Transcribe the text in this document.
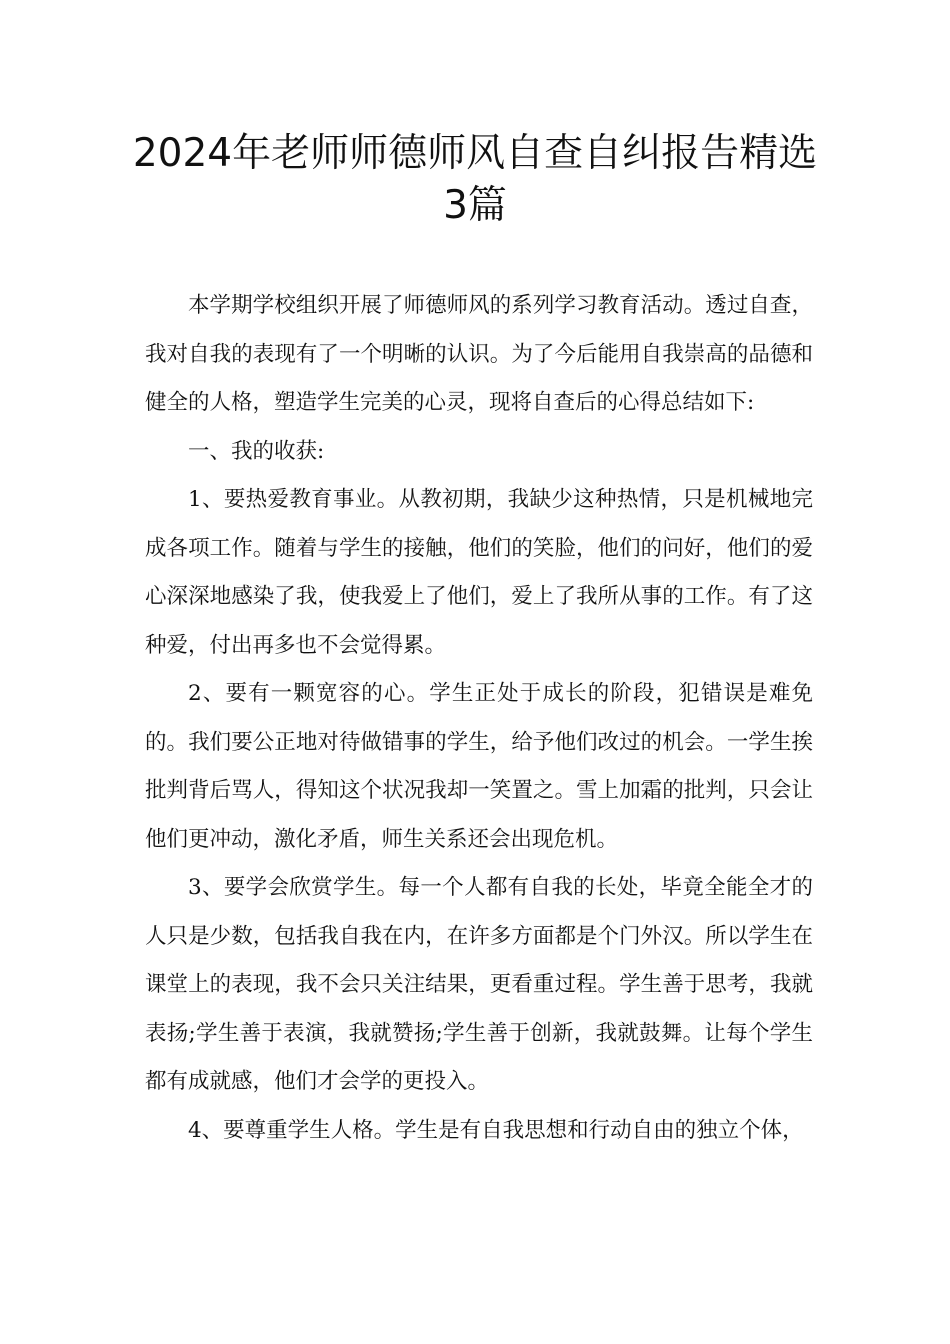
2024年老师师德师风自查自纠报告精选
3篇

本学期学校组织开展了师德师风的系列学习教育活动。透过自查，我对自我的表现有了一个明晰的认识。为了今后能用自我崇高的品德和健全的人格，塑造学生完美的心灵，现将自查后的心得总结如下:

一、我的收获:

1、要热爱教育事业。从教初期，我缺少这种热情，只是机械地完成各项工作。随着与学生的接触，他们的笑脸，他们的问好，他们的爱心深深地感染了我，使我爱上了他们，爱上了我所从事的工作。有了这种爱，付出再多也不会觉得累。

2、要有一颗宽容的心。学生正处于成长的阶段，犯错误是难免的。我们要公正地对待做错事的学生，给予他们改过的机会。一学生挨批判背后骂人，得知这个状况我却一笑置之。雪上加霜的批判，只会让他们更冲动，激化矛盾，师生关系还会出现危机。

3、要学会欣赏学生。每一个人都有自我的长处，毕竟全能全才的人只是少数，包括我自我在内，在许多方面都是个门外汉。所以学生在课堂上的表现，我不会只关注结果，更看重过程。学生善于思考，我就表扬;学生善于表演，我就赞扬;学生善于创新，我就鼓舞。让每个学生都有成就感，他们才会学的更投入。

4、要尊重学生人格。学生是有自我思想和行动自由的独立个体，
